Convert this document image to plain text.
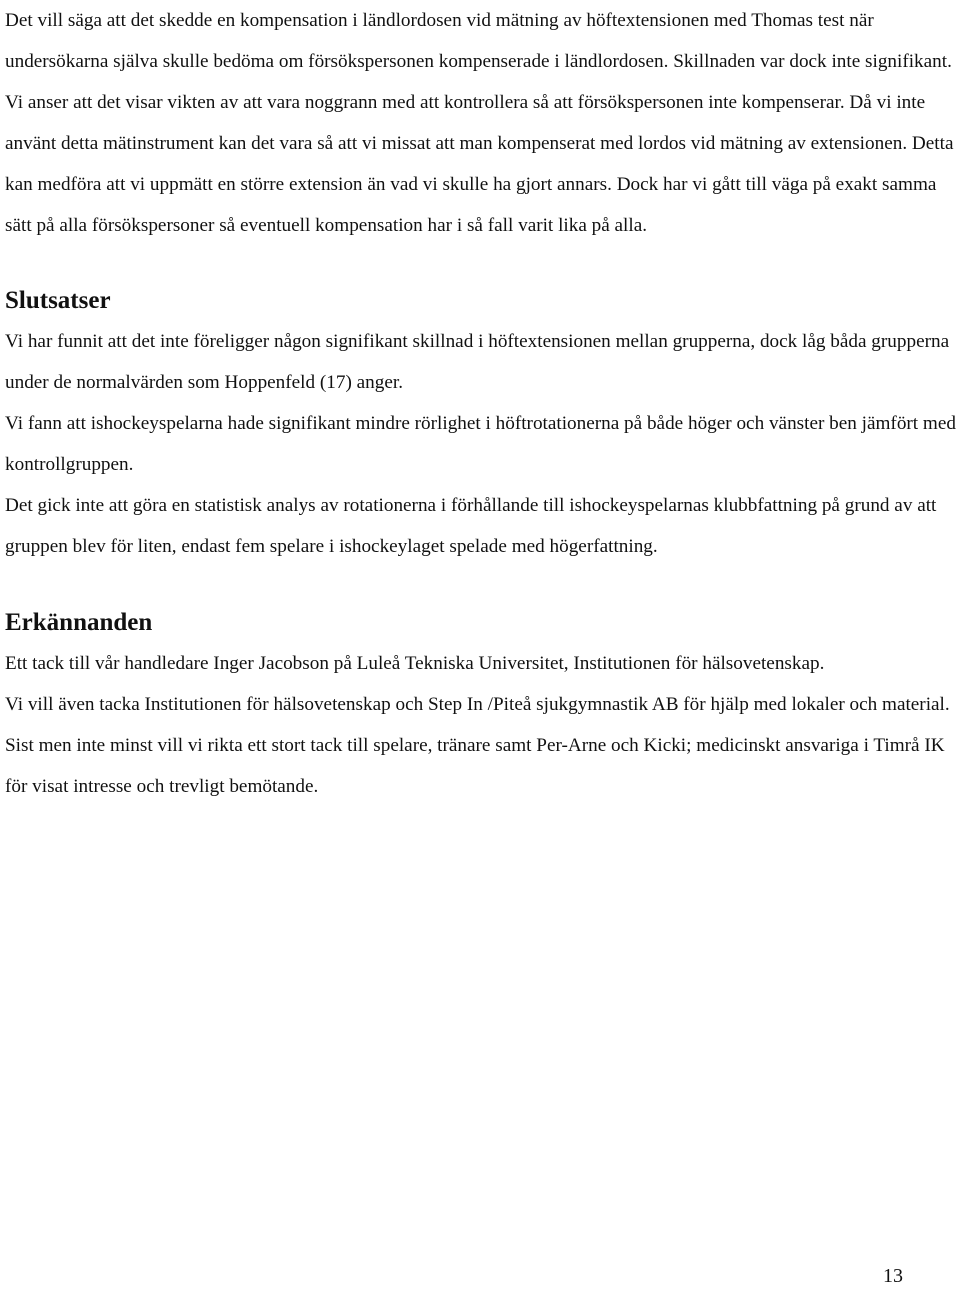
Det vill säga att det skedde en kompensation i ländlordosen vid mätning av höftextensionen med Thomas test när undersökarna själva skulle bedöma om försökspersonen kompenserade i ländlordosen. Skillnaden var dock inte signifikant. Vi anser att det visar vikten av att vara noggrann med att kontrollera så att försökspersonen inte kompenserar. Då vi inte använt detta mätinstrument kan det vara så att vi missat att man kompenserat med lordos vid mätning av extensionen. Detta kan medföra att vi uppmätt en större extension än vad vi skulle ha gjort annars. Dock har vi gått till väga på exakt samma sätt på alla försökspersoner så eventuell kompensation har i så fall varit lika på alla.

Slutsatser

Vi har funnit att det inte föreligger någon signifikant skillnad i höftextensionen mellan grupperna, dock låg båda grupperna under de normalvärden som Hoppenfeld (17) anger.

Vi fann att ishockeyspelarna hade signifikant mindre rörlighet i höftrotationerna på både höger och vänster ben jämfört med kontrollgruppen.

Det gick inte att göra en statistisk analys av rotationerna i förhållande till ishockeyspelarnas klubbfattning på grund av att gruppen blev för liten, endast fem spelare i ishockeylaget spelade med högerfattning.

Erkännanden

Ett tack till vår handledare Inger Jacobson på Luleå Tekniska Universitet, Institutionen för hälsovetenskap.

Vi vill även tacka Institutionen för hälsovetenskap och Step In /Piteå sjukgymnastik AB för hjälp med lokaler och material.

Sist men inte minst vill vi rikta ett stort tack till spelare, tränare samt Per-Arne och Kicki; medicinskt ansvariga i Timrå IK för visat intresse och trevligt bemötande.

13
